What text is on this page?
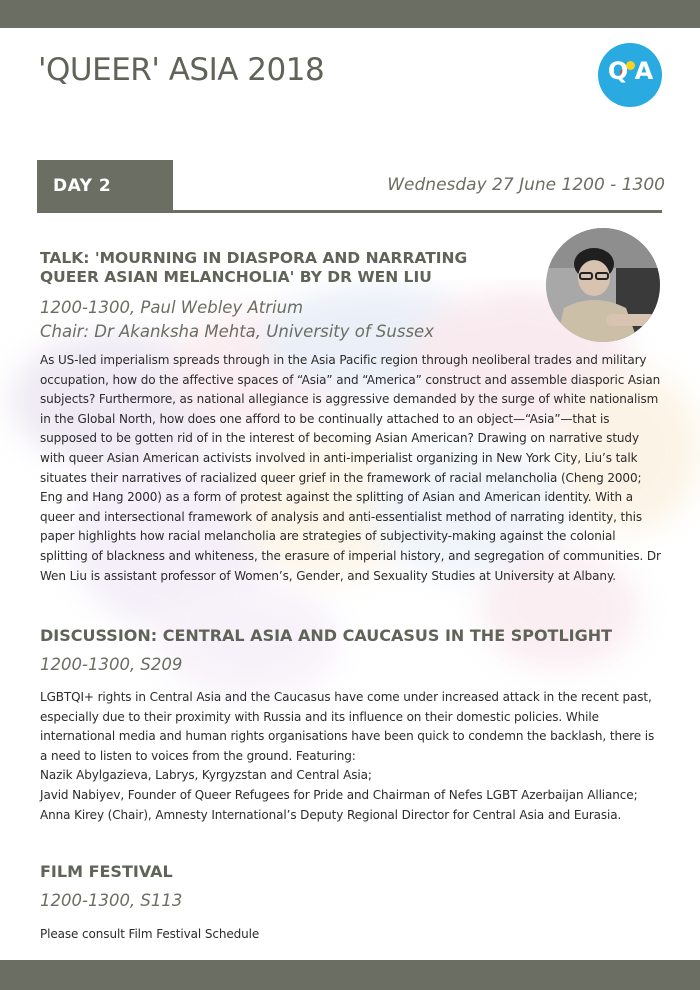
'QUEER' ASIA 2018	Q A
DAY 2	Wednesday 27 June 1200 - 1300
TALK: 'MOURNING IN DIASPORA AND NARRATING QUEER ASIAN MELANCHOLIA' BY DR WEN LIU

1200-1300, Paul Webley Atrium

Chair: Dr Akanksha Mehta, University of Sussex

As US-led imperialism spreads through in the Asia Pacific region through neoliberal trades and military occupation, how do the affective spaces of “Asia” and “America” construct and assemble diasporic Asian subjects? Furthermore, as national allegiance is aggressive demanded by the surge of white nationalism in the Global North, how does one afford to be continually attached to an object—“Asia”—that is supposed to be gotten rid of in the interest of becoming Asian American? Drawing on narrative study with queer Asian American activists involved in anti-imperialist organizing in New York City, Liu’s talk situates their narratives of racialized queer grief in the framework of racial melancholia (Cheng 2000; Eng and Hang 2000) as a form of protest against the splitting of Asian and American identity. With a queer and intersectional framework of analysis and anti-essentialist method of narrating identity, this paper highlights how racial melancholia are strategies of subjectivity-making against the colonial splitting of blackness and whiteness, the erasure of imperial history, and segregation of communities. Dr Wen Liu is assistant professor of Women’s, Gender, and Sexuality Studies at University at Albany.

DISCUSSION: CENTRAL ASIA AND CAUCASUS IN THE SPOTLIGHT

1200-1300, S209

LGBTQI+ rights in Central Asia and the Caucasus have come under increased attack in the recent past, especially due to their proximity with Russia and its influence on their domestic policies. While international media and human rights organisations have been quick to condemn the backlash, there is a need to listen to voices from the ground. Featuring:
Nazik Abylgazieva, Labrys, Kyrgyzstan and Central Asia;
Javid Nabiyev, Founder of Queer Refugees for Pride and Chairman of Nefes LGBT Azerbaijan Alliance;
Anna Kirey (Chair), Amnesty International’s Deputy Regional Director for Central Asia and Eurasia.
FILM FESTIVAL

1200-1300, S113

Please consult Film Festival Schedule
